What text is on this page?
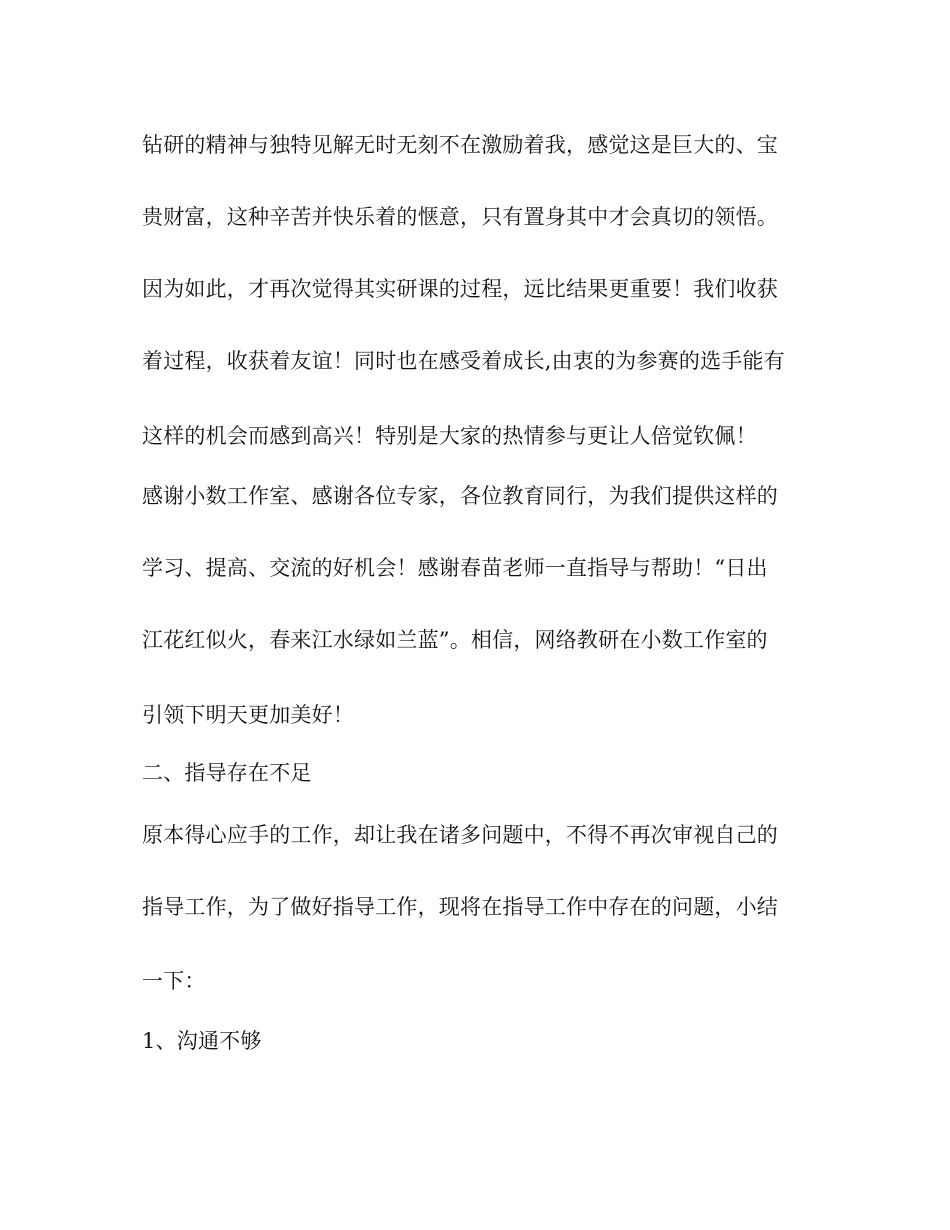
钻研的精神与独特见解无时无刻不在激励着我，感觉这是巨大的、宝
贵财富，这种辛苦并快乐着的惬意，只有置身其中才会真切的领悟。
因为如此，才再次觉得其实研课的过程，远比结果更重要！我们收获
着过程，收获着友谊！同时也在感受着成长,由衷的为参赛的选手能有
这样的机会而感到高兴！特别是大家的热情参与更让人倍觉钦佩！
感谢小数工作室、感谢各位专家，各位教育同行，为我们提供这样的
学习、提高、交流的好机会！感谢春苗老师一直指导与帮助！“日出
江花红似火，春来江水绿如兰蓝”。相信，网络教研在小数工作室的
引领下明天更加美好！
二、指导存在不足
原本得心应手的工作，却让我在诸多问题中，不得不再次审视自己的
指导工作，为了做好指导工作，现将在指导工作中存在的问题，小结
一下：
1、沟通不够
